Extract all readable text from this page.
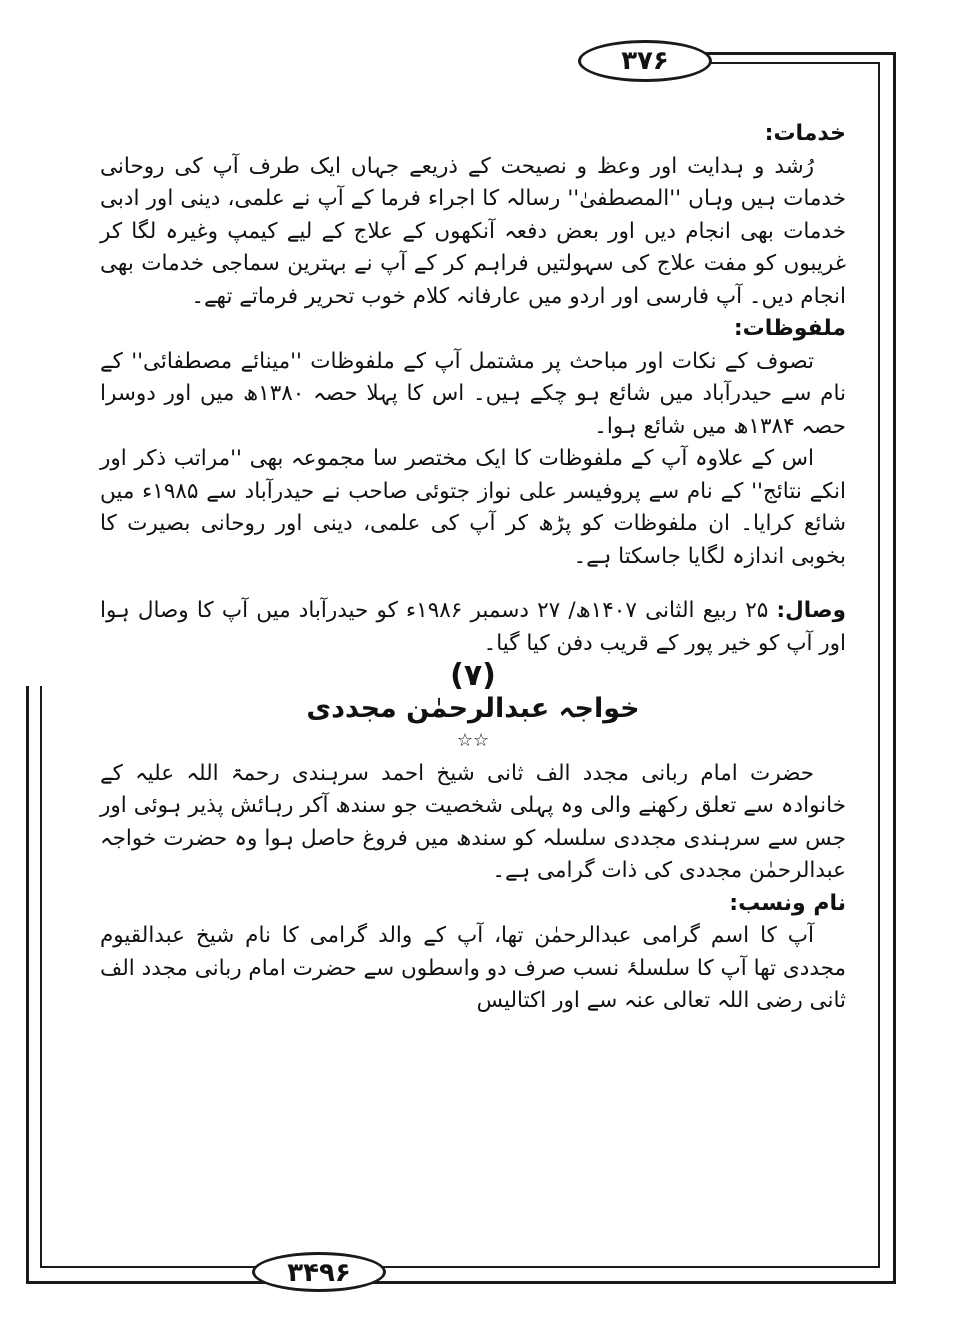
۳۷۶
۳۴۹۶

خدمات:

رُشد و ہدایت اور وعظ و نصیحت کے ذریعے جہاں ایک طرف آپ کی روحانی خدمات ہیں وہاں ''المصطفیٰ'' رسالہ کا اجراء فرما کے آپ نے علمی، دینی اور ادبی خدمات بھی انجام دیں اور بعض دفعہ آنکھوں کے علاج کے لیے کیمپ وغیرہ لگا کر غریبوں کو مفت علاج کی سہولتیں فراہم کر کے آپ نے بہترین سماجی خدمات بھی انجام دیں۔ آپ فارسی اور اردو میں عارفانہ کلام خوب تحریر فرماتے تھے۔

ملفوظات:

تصوف کے نکات اور مباحث پر مشتمل آپ کے ملفوظات ''مینائے مصطفائی'' کے نام سے حیدرآباد میں شائع ہو چکے ہیں۔ اس کا پہلا حصہ ۱۳۸۰ھ میں اور دوسرا حصہ ۱۳۸۴ھ میں شائع ہوا۔

اس کے علاوہ آپ کے ملفوظات کا ایک مختصر سا مجموعہ بھی ''مراتب ذکر اور انکے نتائج'' کے نام سے پروفیسر علی نواز جتوئی صاحب نے حیدرآباد سے ۱۹۸۵ء میں شائع کرایا۔ ان ملفوظات کو پڑھ کر آپ کی علمی، دینی اور روحانی بصیرت کا بخوبی اندازہ لگایا جاسکتا ہے۔

وصال: ۲۵ ربیع الثانی ۱۴۰۷ھ/ ۲۷ دسمبر ۱۹۸۶ء کو حیدرآباد میں آپ کا وصال ہوا اور آپ کو خیر پور کے قریب دفن کیا گیا۔

(۷)

خواجہ عبدالرحمٰن مجددی

☆☆

حضرت امام ربانی مجدد الف ثانی شیخ احمد سرہندی رحمۃ اللہ علیہ کے خانوادہ سے تعلق رکھنے والی وہ پہلی شخصیت جو سندھ آکر رہائش پذیر ہوئی اور جس سے سرہندی مجددی سلسلہ کو سندھ میں فروغ حاصل ہوا وہ حضرت خواجہ عبدالرحمٰن مجددی کی ذات گرامی ہے۔

نام ونسب:

آپ کا اسم گرامی عبدالرحمٰن تھا، آپ کے والد گرامی کا نام شیخ عبدالقیوم مجددی تھا آپ کا سلسلۂ نسب صرف دو واسطوں سے حضرت امام ربانی مجدد الف ثانی رضی اللہ تعالی عنہ سے اور اکتالیس
